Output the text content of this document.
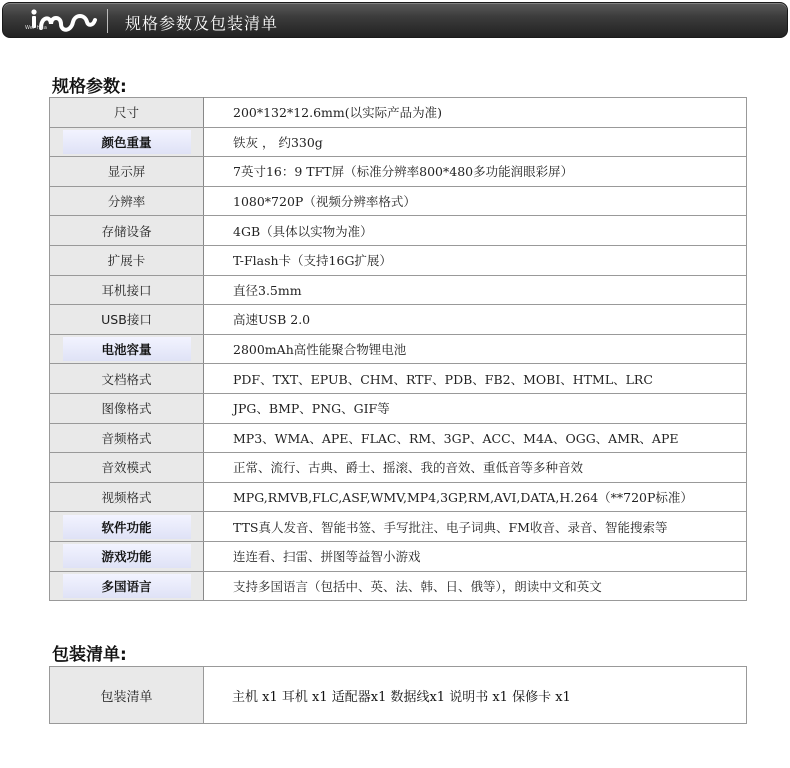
Wei Hua	规格参数及包装清单
规格参数:
尺寸	200*132*12.6mm(以实际产品为准)
颜色重量	铁灰 ， 约330g
显示屏	7英寸16：9 TFT屏（标准分辨率800*480多功能润眼彩屏）
分辨率	1080*720P（视频分辨率格式）
存储设备	4GB（具体以实物为准）
扩展卡	T-Flash卡（支持16G扩展）
耳机接口	直径3.5mm
USB接口	高速USB 2.0
电池容量	2800mAh高性能聚合物锂电池
文档格式	PDF、TXT、EPUB、CHM、RTF、PDB、FB2、MOBI、HTML、LRC
图像格式	JPG、BMP、PNG、GIF等
音频格式	MP3、WMA、APE、FLAC、RM、3GP、ACC、M4A、OGG、AMR、APE
音效模式	正常、流行、古典、爵士、摇滚、我的音效、重低音等多种音效
视频格式	MPG,RMVB,FLC,ASF,WMV,MP4,3GP,RM,AVI,DATA,H.264（**720P标准）
软件功能	TTS真人发音、智能书签、手写批注、电子词典、FM收音、录音、智能搜索等
游戏功能	连连看、扫雷、拼图等益智小游戏
多国语言	支持多国语言（包括中、英、法、韩、日、俄等），朗读中文和英文
包装清单:
包装清单	主机 x1 耳机 x1 适配器x1 数据线x1 说明书 x1 保修卡 x1
